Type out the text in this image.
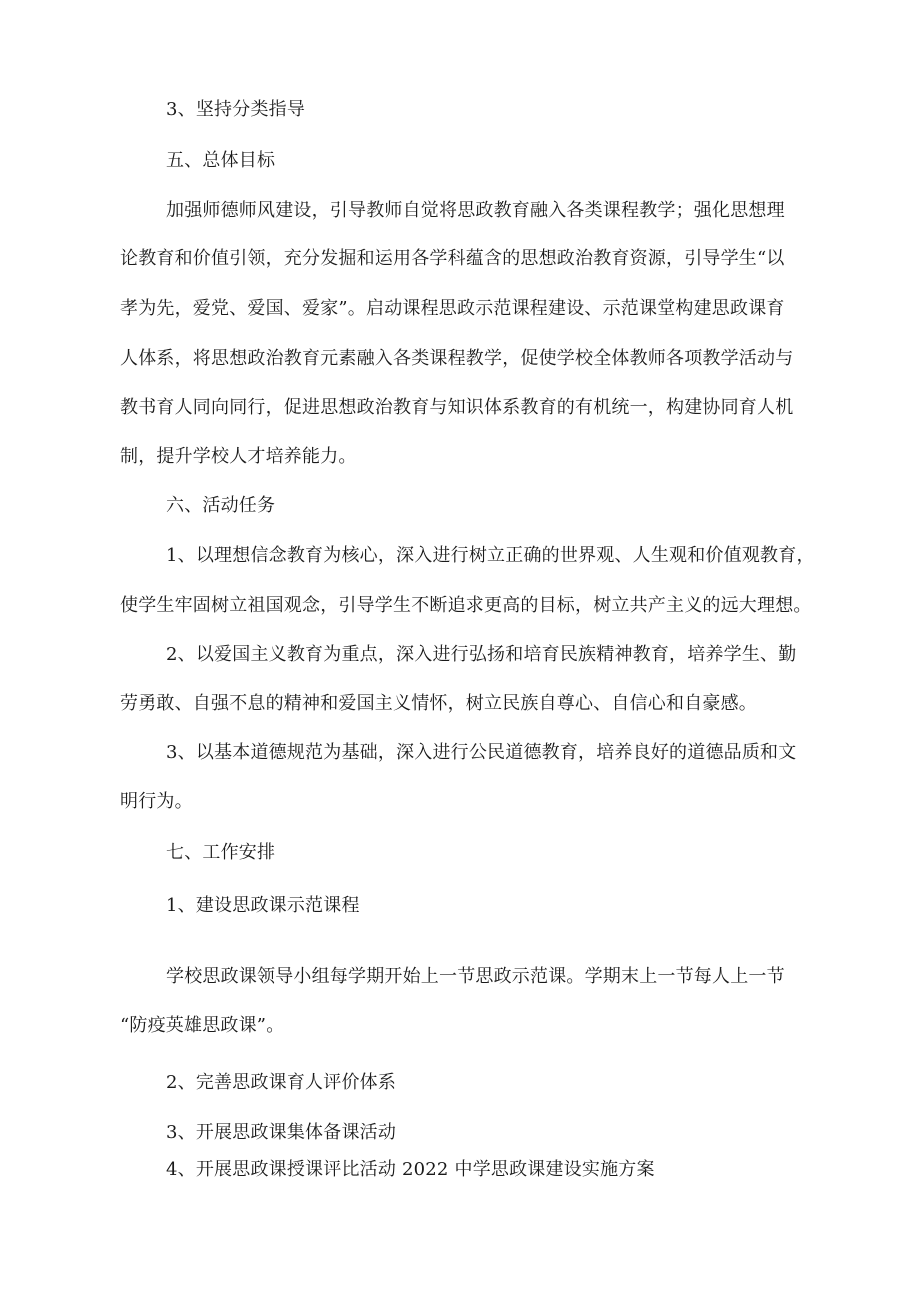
3、坚持分类指导
五、总体目标
加强师德师风建设，引导教师自觉将思政教育融入各类课程教学；强化思想理
论教育和价值引领，充分发掘和运用各学科蕴含的思想政治教育资源，引导学生“以
孝为先，爱党、爱国、爱家”。启动课程思政示范课程建设、示范课堂构建思政课育
人体系，将思想政治教育元素融入各类课程教学，促使学校全体教师各项教学活动与
教书育人同向同行，促进思想政治教育与知识体系教育的有机统一，构建协同育人机
制，提升学校人才培养能力。
六、活动任务
1、以理想信念教育为核心，深入进行树立正确的世界观、人生观和价值观教育，
使学生牢固树立祖国观念，引导学生不断追求更高的目标，树立共产主义的远大理想。
2、以爱国主义教育为重点，深入进行弘扬和培育民族精神教育，培养学生、勤
劳勇敢、自强不息的精神和爱国主义情怀，树立民族自尊心、自信心和自豪感。
3、以基本道德规范为基础，深入进行公民道德教育，培养良好的道德品质和文
明行为。
七、工作安排
1、建设思政课示范课程
学校思政课领导小组每学期开始上一节思政示范课。学期末上一节每人上一节
“防疫英雄思政课”。
2、完善思政课育人评价体系
3、开展思政课集体备课活动
4、开展思政课授课评比活动 2022 中学思政课建设实施方案
